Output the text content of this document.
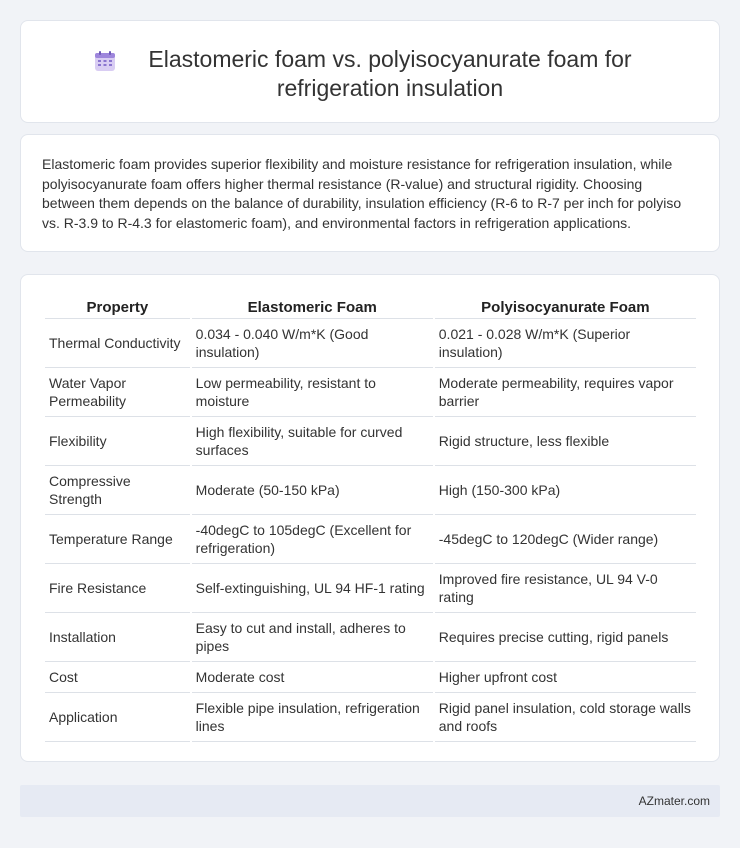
Elastomeric foam vs. polyisocyanurate foam for refrigeration insulation

Elastomeric foam provides superior flexibility and moisture resistance for refrigeration insulation, while polyisocyanurate foam offers higher thermal resistance (R-value) and structural rigidity. Choosing between them depends on the balance of durability, insulation efficiency (R-6 to R-7 per inch for polyiso vs. R-3.9 to R-4.3 for elastomeric foam), and environmental factors in refrigeration applications.

Property	Elastomeric Foam	Polyisocyanurate Foam
Thermal Conductivity	0.034 - 0.040 W/m*K (Good insulation)	0.021 - 0.028 W/m*K (Superior insulation)
Water Vapor Permeability	Low permeability, resistant to moisture	Moderate permeability, requires vapor barrier
Flexibility	High flexibility, suitable for curved surfaces	Rigid structure, less flexible
Compressive Strength	Moderate (50-150 kPa)	High (150-300 kPa)
Temperature Range	-40degC to 105degC (Excellent for refrigeration)	-45degC to 120degC (Wider range)
Fire Resistance	Self-extinguishing, UL 94 HF-1 rating	Improved fire resistance, UL 94 V-0 rating
Installation	Easy to cut and install, adheres to pipes	Requires precise cutting, rigid panels
Cost	Moderate cost	Higher upfront cost
Application	Flexible pipe insulation, refrigeration lines	Rigid panel insulation, cold storage walls and roofs
AZmater.com
